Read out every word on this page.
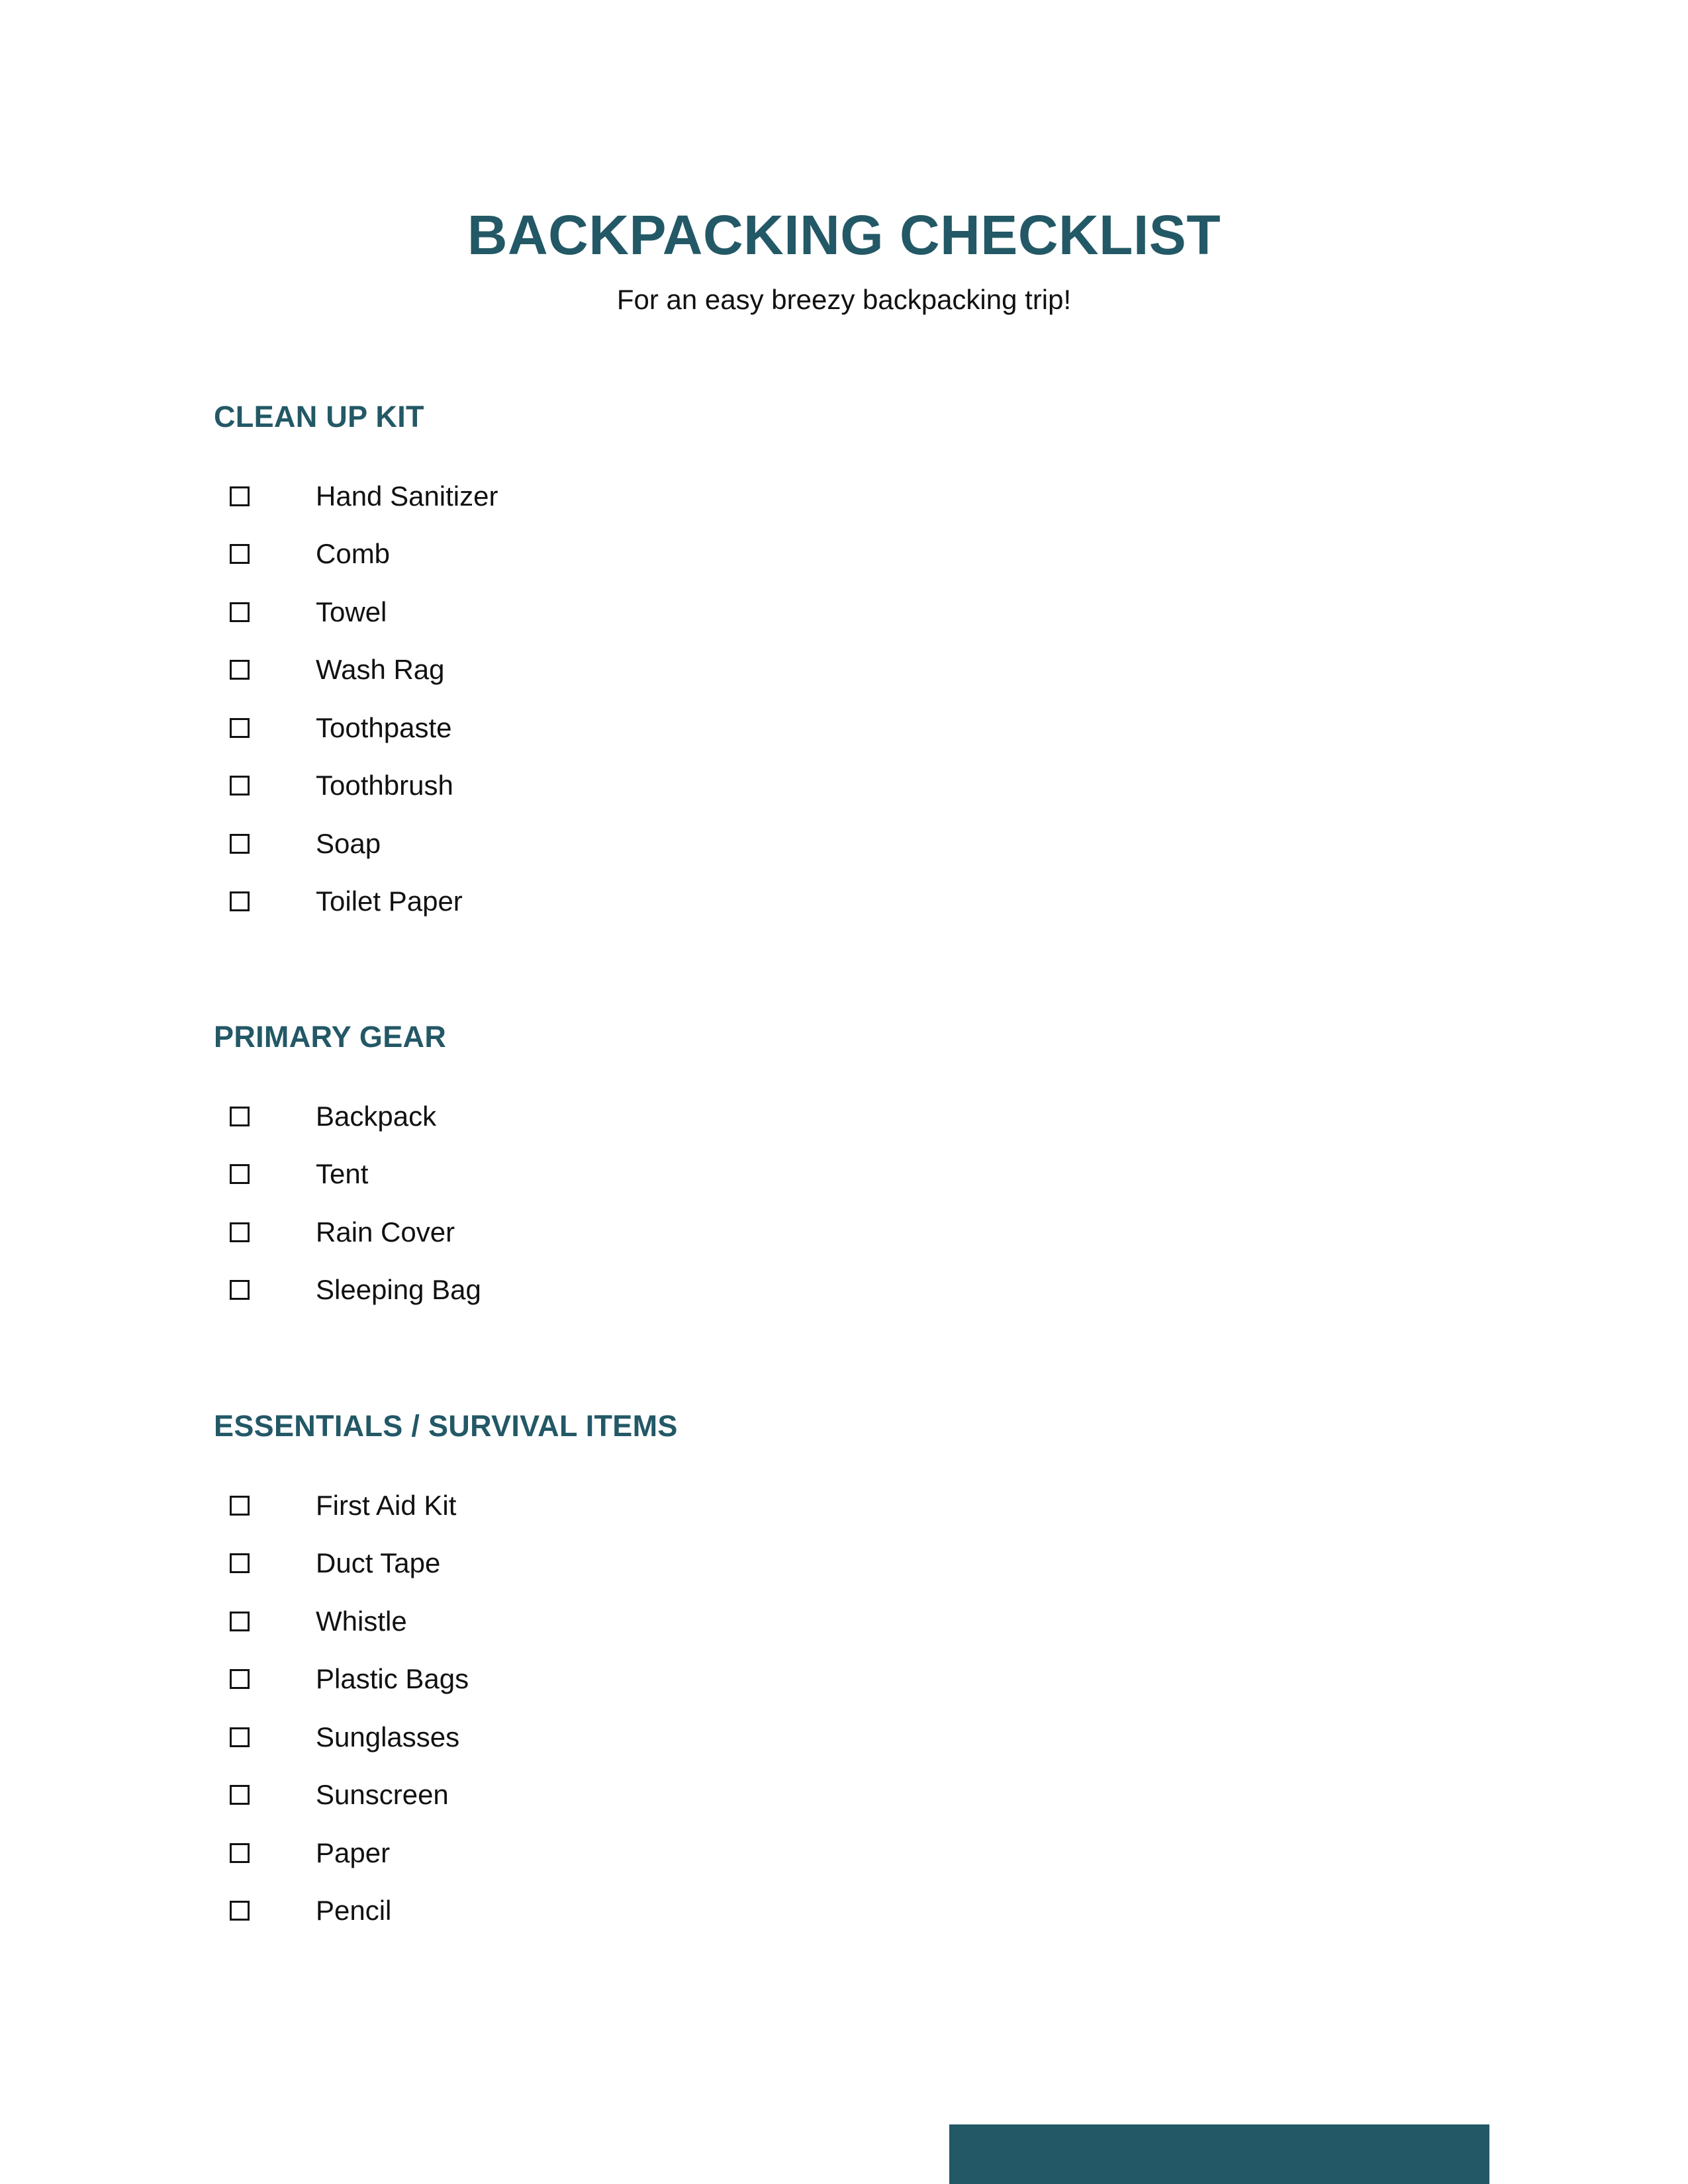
BACKPACKING CHECKLIST

For an easy breezy backpacking trip!

CLEAN UP KIT
Hand Sanitizer
Comb
Towel
Wash Rag
Toothpaste
Toothbrush
Soap
Toilet Paper
PRIMARY GEAR
Backpack
Tent
Rain Cover
Sleeping Bag
ESSENTIALS / SURVIVAL ITEMS
First Aid Kit
Duct Tape
Whistle
Plastic Bags
Sunglasses
Sunscreen
Paper
Pencil
